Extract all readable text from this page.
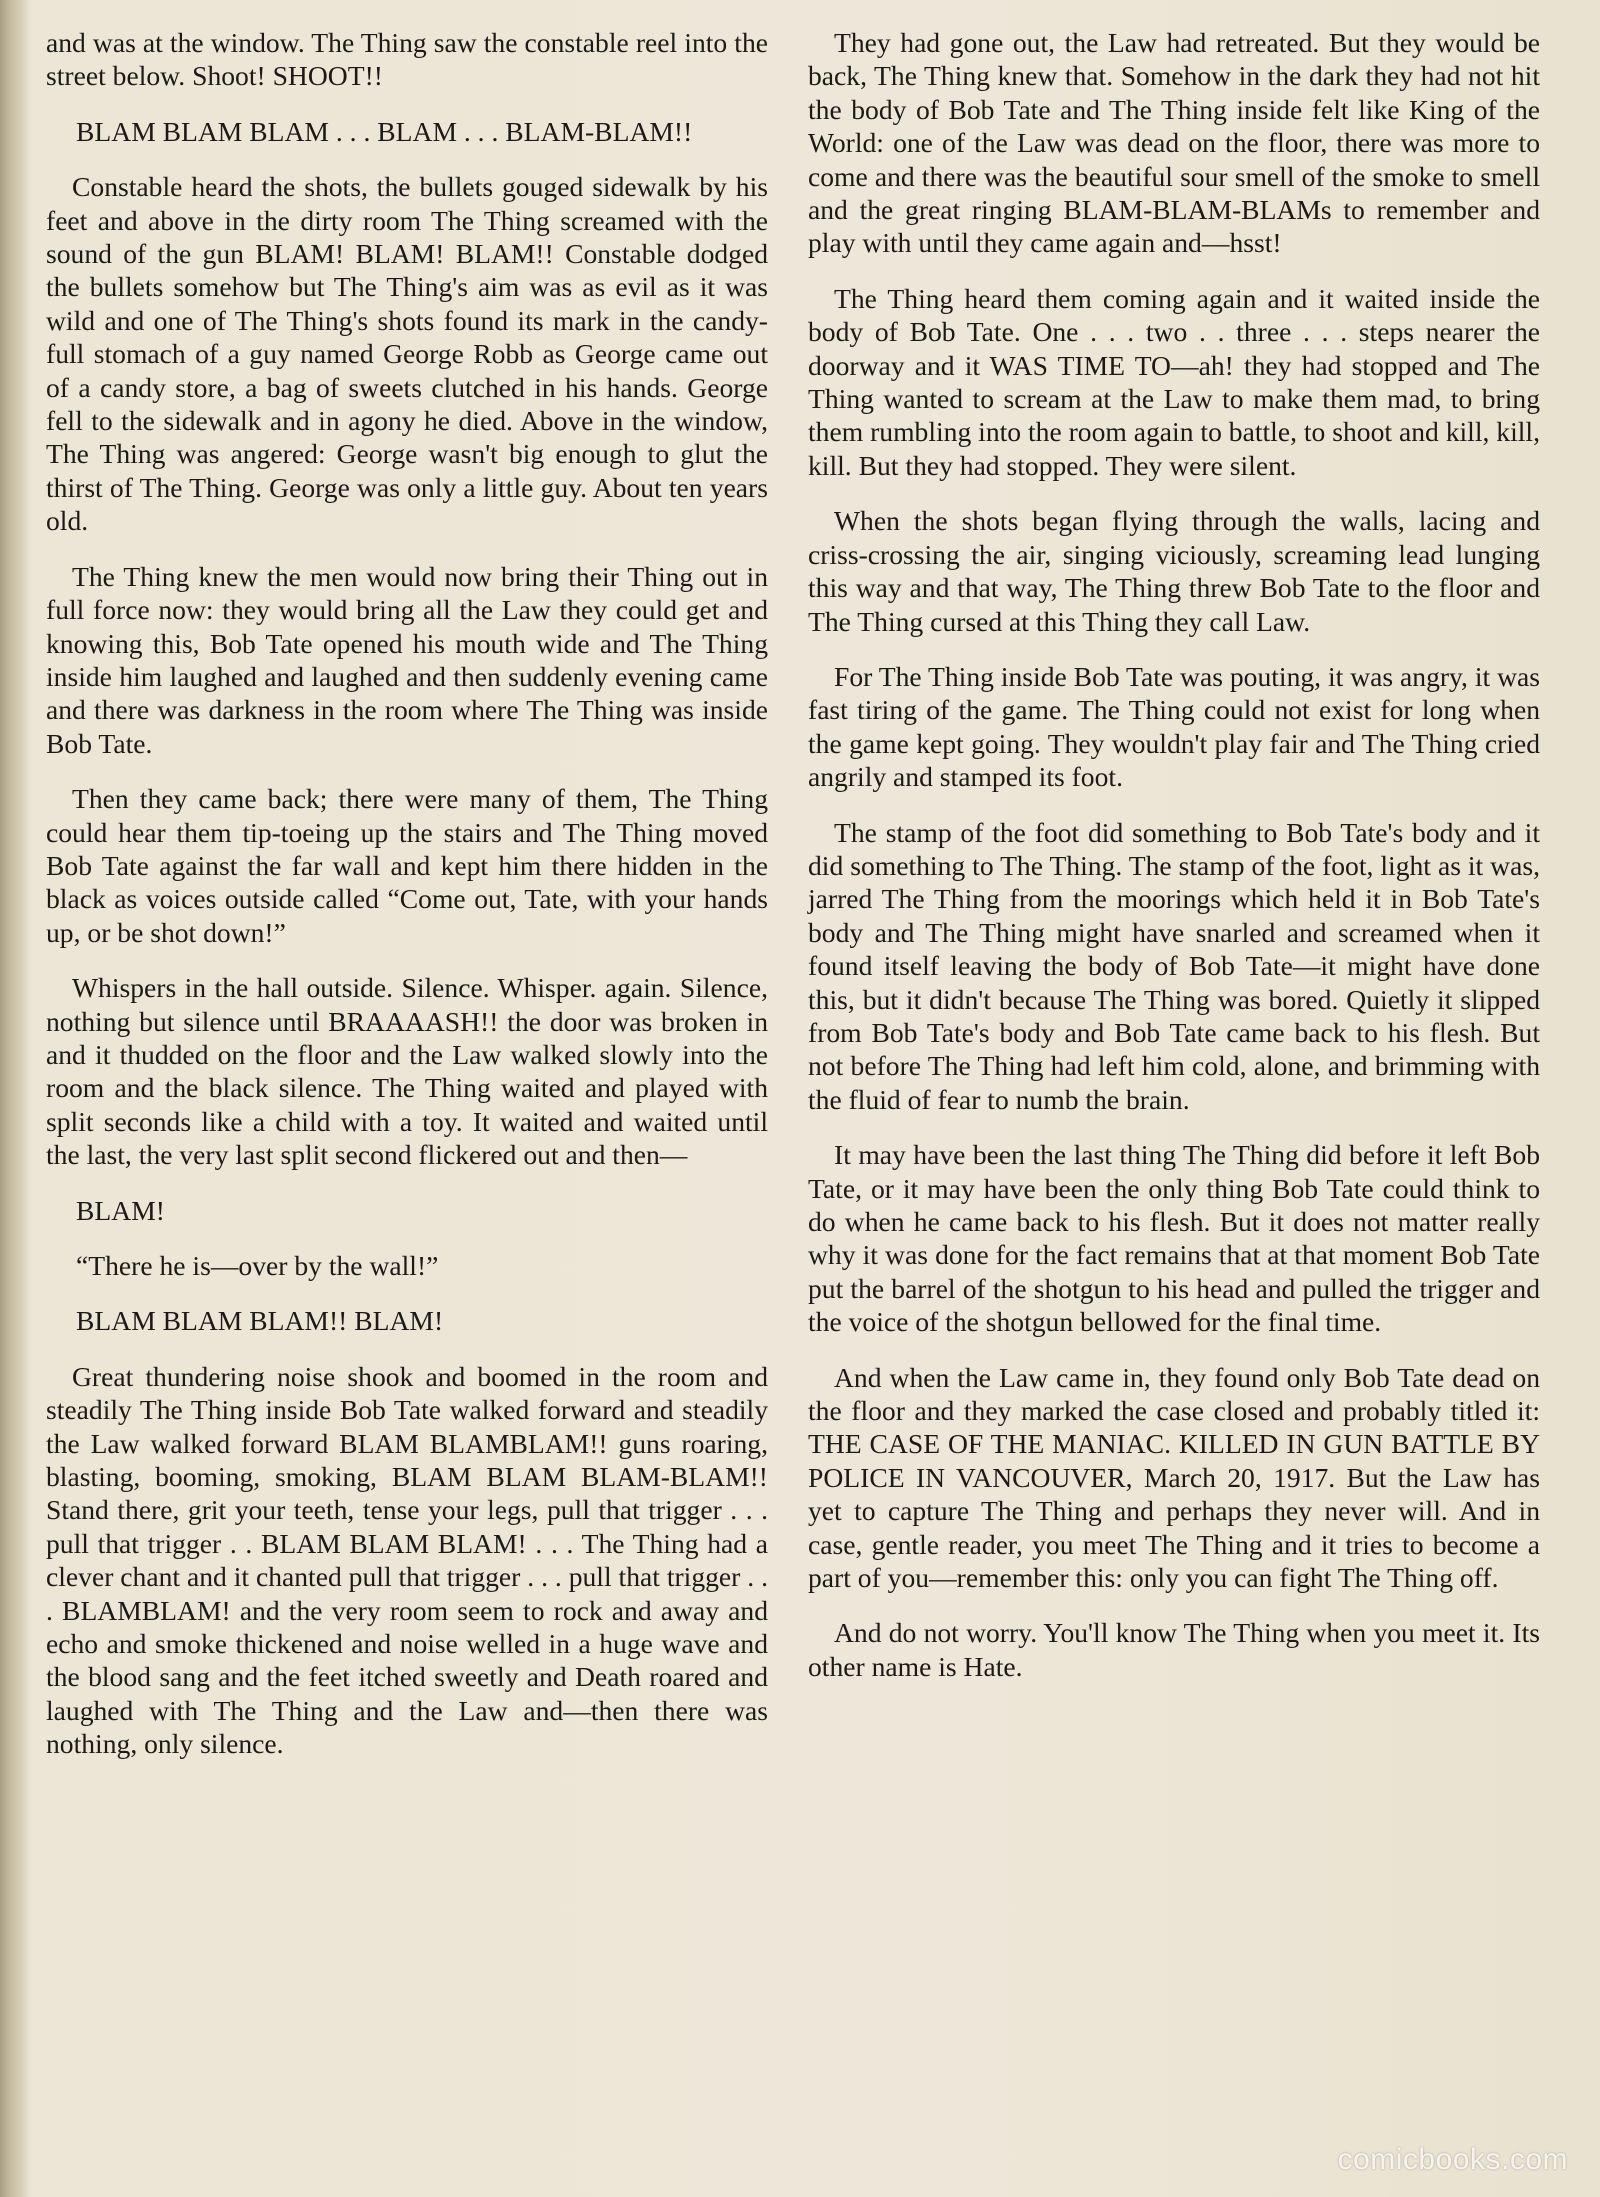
and was at the window. The Thing saw the constable reel into the street below. Shoot! SHOOT!!

BLAM BLAM BLAM . . . BLAM . . . BLAM-BLAM!!

Constable heard the shots, the bullets gouged sidewalk by his feet and above in the dirty room The Thing screamed with the sound of the gun BLAM! BLAM! BLAM!! Constable dodged the bullets somehow but The Thing's aim was as evil as it was wild and one of The Thing's shots found its mark in the candy-full stomach of a guy named George Robb as George came out of a candy store, a bag of sweets clutched in his hands. George fell to the sidewalk and in agony he died. Above in the window, The Thing was angered: George wasn't big enough to glut the thirst of The Thing. George was only a little guy. About ten years old.

The Thing knew the men would now bring their Thing out in full force now: they would bring all the Law they could get and knowing this, Bob Tate opened his mouth wide and The Thing inside him laughed and laughed and then suddenly evening came and there was darkness in the room where The Thing was inside Bob Tate.

Then they came back; there were many of them, The Thing could hear them tip-toeing up the stairs and The Thing moved Bob Tate against the far wall and kept him there hidden in the black as voices outside called “Come out, Tate, with your hands up, or be shot down!”

Whispers in the hall outside. Silence. Whisper. again. Silence, nothing but silence until BRAAAASH!! the door was broken in and it thudded on the floor and the Law walked slowly into the room and the black silence. The Thing waited and played with split seconds like a child with a toy. It waited and waited until the last, the very last split second flickered out and then—

BLAM!

“There he is—over by the wall!”

BLAM BLAM BLAM!! BLAM!

Great thundering noise shook and boomed in the room and steadily The Thing inside Bob Tate walked forward and steadily the Law walked forward BLAM BLAMBLAM!! guns roaring, blasting, booming, smoking, BLAM BLAM BLAM-BLAM!! Stand there, grit your teeth, tense your legs, pull that trigger . . . pull that trigger . . BLAM BLAM BLAM! . . . The Thing had a clever chant and it chanted pull that trigger . . . pull that trigger . . . BLAMBLAM! and the very room seem to rock and away and echo and smoke thickened and noise welled in a huge wave and the blood sang and the feet itched sweetly and Death roared and laughed with The Thing and the Law and—then there was nothing, only silence.

They had gone out, the Law had retreated. But they would be back, The Thing knew that. Somehow in the dark they had not hit the body of Bob Tate and The Thing inside felt like King of the World: one of the Law was dead on the floor, there was more to come and there was the beautiful sour smell of the smoke to smell and the great ringing BLAM-BLAM-BLAMs to remember and play with until they came again and—hsst!

The Thing heard them coming again and it waited inside the body of Bob Tate. One . . . two . . three . . . steps nearer the doorway and it WAS TIME TO—ah! they had stopped and The Thing wanted to scream at the Law to make them mad, to bring them rumbling into the room again to battle, to shoot and kill, kill, kill. But they had stopped. They were silent.

When the shots began flying through the walls, lacing and criss-crossing the air, singing viciously, screaming lead lunging this way and that way, The Thing threw Bob Tate to the floor and The Thing cursed at this Thing they call Law.

For The Thing inside Bob Tate was pouting, it was angry, it was fast tiring of the game. The Thing could not exist for long when the game kept going. They wouldn't play fair and The Thing cried angrily and stamped its foot.

The stamp of the foot did something to Bob Tate's body and it did something to The Thing. The stamp of the foot, light as it was, jarred The Thing from the moorings which held it in Bob Tate's body and The Thing might have snarled and screamed when it found itself leaving the body of Bob Tate—it might have done this, but it didn't because The Thing was bored. Quietly it slipped from Bob Tate's body and Bob Tate came back to his flesh. But not before The Thing had left him cold, alone, and brimming with the fluid of fear to numb the brain.

It may have been the last thing The Thing did before it left Bob Tate, or it may have been the only thing Bob Tate could think to do when he came back to his flesh. But it does not matter really why it was done for the fact remains that at that moment Bob Tate put the barrel of the shotgun to his head and pulled the trigger and the voice of the shotgun bellowed for the final time.

And when the Law came in, they found only Bob Tate dead on the floor and they marked the case closed and probably titled it: THE CASE OF THE MANIAC. KILLED IN GUN BATTLE BY POLICE IN VANCOUVER, March 20, 1917. But the Law has yet to capture The Thing and perhaps they never will. And in case, gentle reader, you meet The Thing and it tries to become a part of you—remember this: only you can fight The Thing off.

And do not worry. You'll know The Thing when you meet it. Its other name is Hate.

comicbooks.com
